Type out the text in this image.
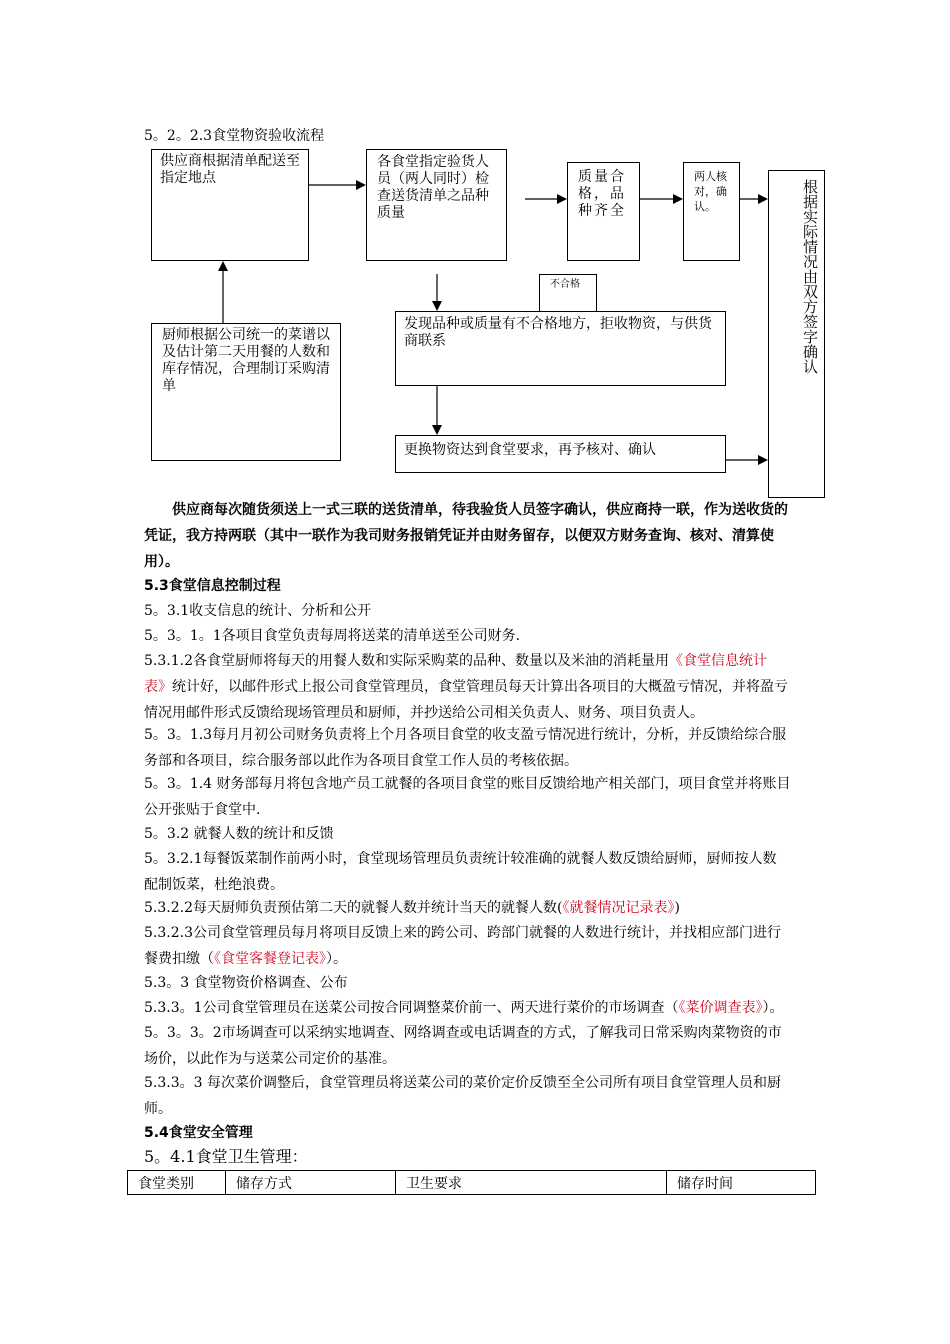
5。2。2.3食堂物资验收流程
供应商根据清单配送至指定地点
各食堂指定验货人员（两人同时）检查送货清单之品种质量
质量合格，品种齐全
两人核对，确认。	根据实际情况由双方签字确认
厨师根据公司统一的菜谱以及估计第二天用餐的人数和库存情况，合理制订采购清单
不合格
发现品种或质量有不合格地方，拒收物资，与供货商联系
更换物资达到食堂要求，再予核对、确认
供应商每次随货须送上一式三联的送货清单，待我验货人员签字确认，供应商持一联，作为送收货的
凭证，我方持两联（其中一联作为我司财务报销凭证并由财务留存，以便双方财务查询、核对、清算使
用）。
5.3食堂信息控制过程
5。3.1收支信息的统计、分析和公开
5。3。1。1各项目食堂负责每周将送菜的清单送至公司财务.
5.3.1.2各食堂厨师将每天的用餐人数和实际采购菜的品种、数量以及米油的消耗量用《食堂信息统计
表》统计好，以邮件形式上报公司食堂管理员，食堂管理员每天计算出各项目的大概盈亏情况，并将盈亏
情况用邮件形式反馈给现场管理员和厨师，并抄送给公司相关负责人、财务、项目负责人。
5。3。1.3每月月初公司财务负责将上个月各项目食堂的收支盈亏情况进行统计，分析，并反馈给综合服
务部和各项目，综合服务部以此作为各项目食堂工作人员的考核依据。
5。3。1.4 财务部每月将包含地产员工就餐的各项目食堂的账目反馈给地产相关部门，项目食堂并将账目
公开张贴于食堂中.
5。3.2 就餐人数的统计和反馈
5。3.2.1每餐饭菜制作前两小时，食堂现场管理员负责统计较准确的就餐人数反馈给厨师，厨师按人数
配制饭菜，杜绝浪费。
5.3.2.2每天厨师负责预估第二天的就餐人数并统计当天的就餐人数(《就餐情况记录表》)
5.3.2.3公司食堂管理员每月将项目反馈上来的跨公司、跨部门就餐的人数进行统计，并找相应部门进行
餐费扣缴（《食堂客餐登记表》）。
5.3。3 食堂物资价格调查、公布
5.3.3。1公司食堂管理员在送菜公司按合同调整菜价前一、两天进行菜价的市场调查（《菜价调查表》）。
5。3。3。2市场调查可以采纳实地调查、网络调查或电话调查的方式，了解我司日常采购肉菜物资的市
场价，以此作为与送菜公司定价的基准。
5.3.3。3 每次菜价调整后，食堂管理员将送菜公司的菜价定价反馈至全公司所有项目食堂管理人员和厨
师。
5.4食堂安全管理
5。4.1食堂卫生管理：
食堂类别	储存方式	卫生要求	储存时间
